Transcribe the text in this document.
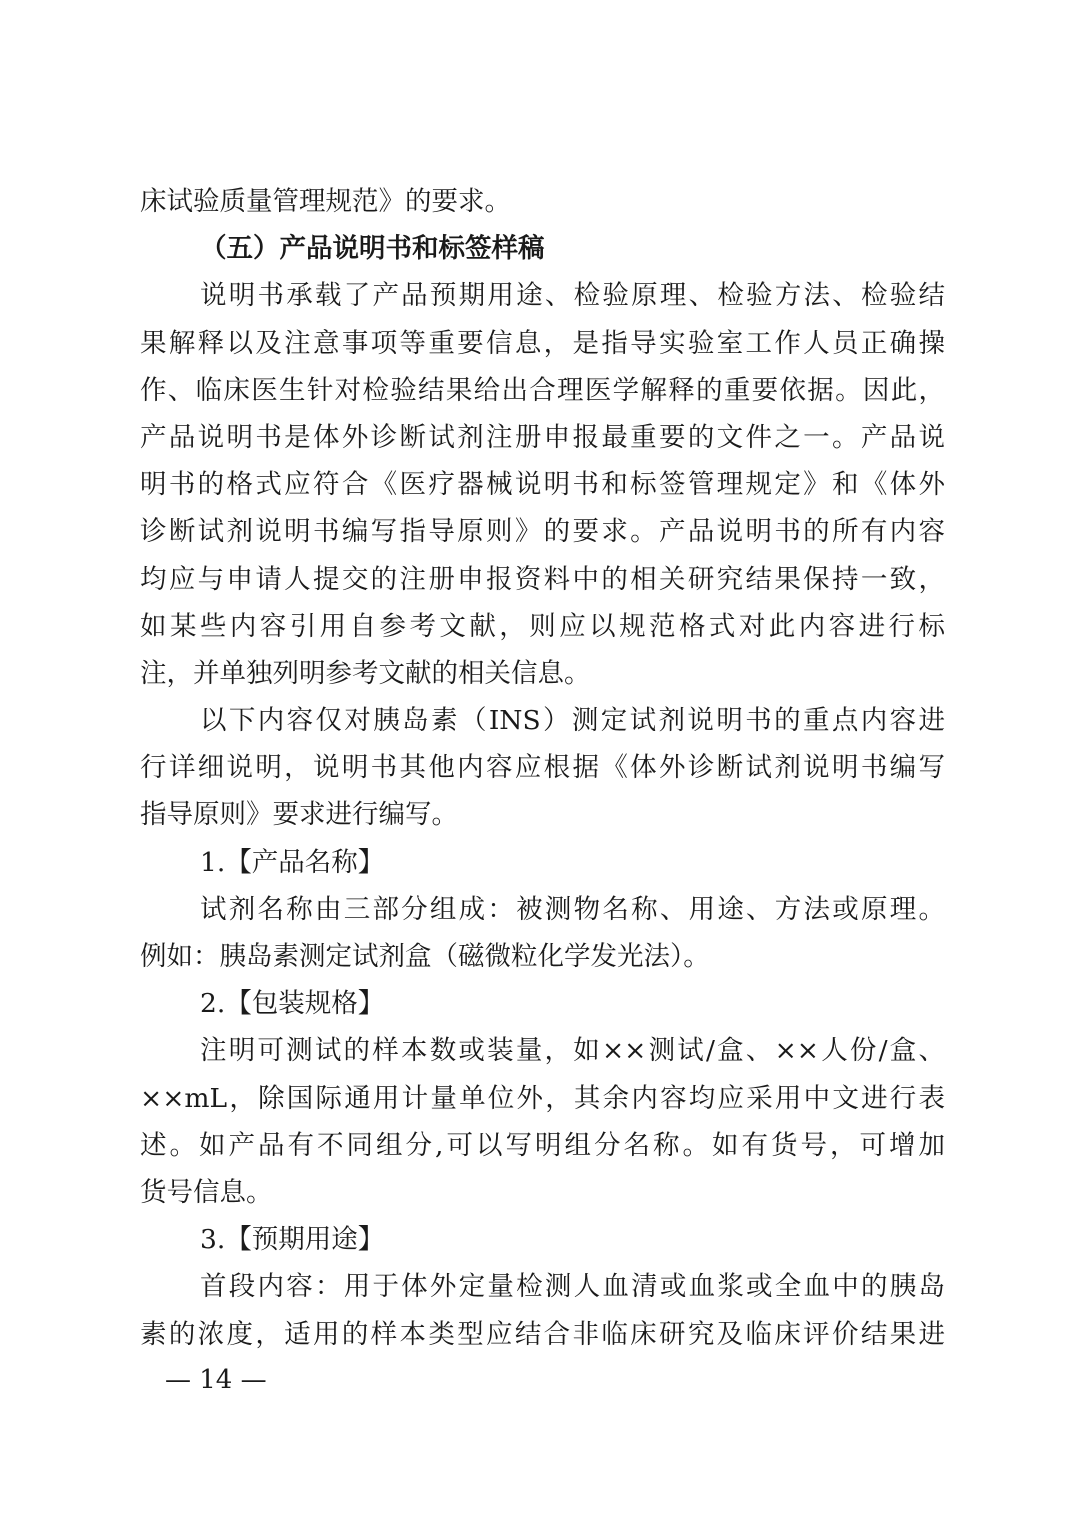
床试验质量管理规范》的要求。
（五）产品说明书和标签样稿
说明书承载了产品预期用途、检验原理、检验方法、检验结
果解释以及注意事项等重要信息，是指导实验室工作人员正确操
作、临床医生针对检验结果给出合理医学解释的重要依据。因此，
产品说明书是体外诊断试剂注册申报最重要的文件之一。产品说
明书的格式应符合《医疗器械说明书和标签管理规定》和《体外
诊断试剂说明书编写指导原则》的要求。产品说明书的所有内容
均应与申请人提交的注册申报资料中的相关研究结果保持一致，
如某些内容引用自参考文献，则应以规范格式对此内容进行标
注，并单独列明参考文献的相关信息。
以下内容仅对胰岛素（INS）测定试剂说明书的重点内容进
行详细说明，说明书其他内容应根据《体外诊断试剂说明书编写
指导原则》要求进行编写。
1.【产品名称】
试剂名称由三部分组成：被测物名称、用途、方法或原理。
例如：胰岛素测定试剂盒（磁微粒化学发光法）。
2.【包装规格】
注明可测试的样本数或装量，如××测试/盒、××人份/盒、
××mL，除国际通用计量单位外，其余内容均应采用中文进行表
述。如产品有不同组分,可以写明组分名称。如有货号，可增加
货号信息。
3.【预期用途】
首段内容：用于体外定量检测人血清或血浆或全血中的胰岛
素的浓度，适用的样本类型应结合非临床研究及临床评价结果进
— 14 —
